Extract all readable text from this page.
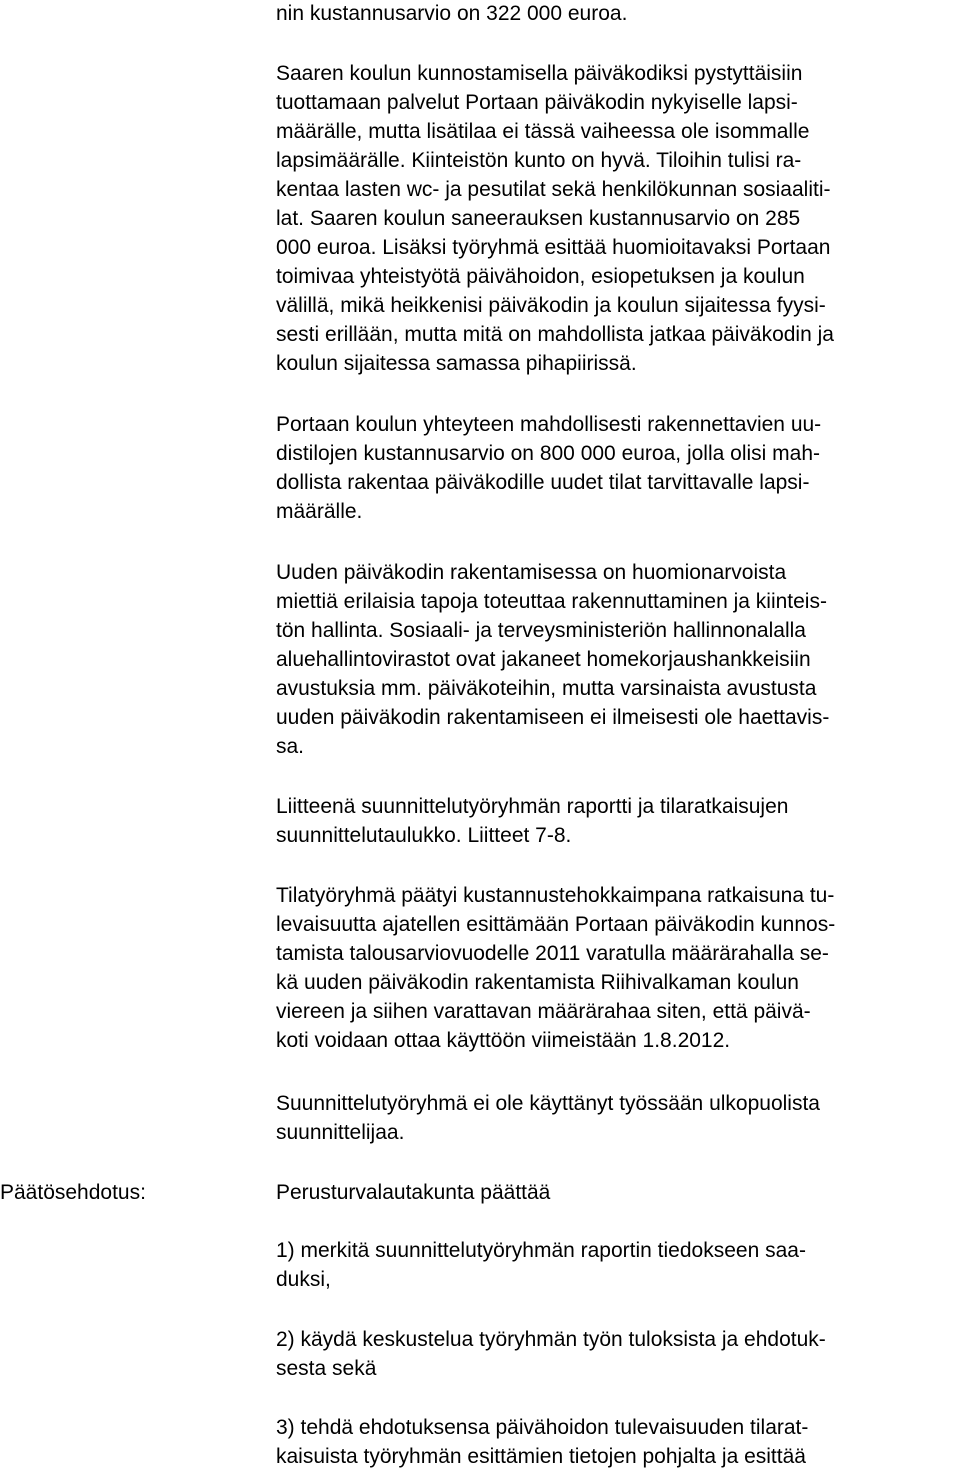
nin kustannusarvio on 322 000 euroa.

Saaren koulun kunnostamisella päiväkodiksi pystyttäisiin

tuottamaan palvelut Portaan päiväkodin nykyiselle lapsi-

määrälle, mutta lisätilaa ei tässä vaiheessa ole isommalle

lapsimäärälle. Kiinteistön kunto on hyvä. Tiloihin tulisi ra-

kentaa lasten wc- ja pesutilat sekä henkilökunnan sosiaaliti-

lat. Saaren koulun saneerauksen kustannusarvio on 285

000 euroa. Lisäksi työryhmä esittää huomioitavaksi Portaan

toimivaa yhteistyötä päivähoidon, esiopetuksen ja koulun

välillä, mikä heikkenisi päiväkodin ja koulun sijaitessa fyysi-

sesti erillään, mutta mitä on mahdollista jatkaa päiväkodin ja

koulun sijaitessa samassa pihapiirissä.

Portaan koulun yhteyteen mahdollisesti rakennettavien uu-

distilojen kustannusarvio on 800 000 euroa, jolla olisi mah-

dollista rakentaa päiväkodille uudet tilat tarvittavalle lapsi-

määrälle.

Uuden päiväkodin rakentamisessa on huomionarvoista

miettiä erilaisia tapoja toteuttaa rakennuttaminen ja kiinteis-

tön hallinta. Sosiaali- ja terveysministeriön hallinnonalalla

aluehallintovirastot ovat jakaneet homekorjaushankkeisiin

avustuksia mm. päiväkoteihin, mutta varsinaista avustusta

uuden päiväkodin rakentamiseen ei ilmeisesti ole haettavis-

sa.

Liitteenä suunnittelutyöryhmän raportti ja tilaratkaisujen

suunnittelutaulukko. Liitteet 7-8.

Tilatyöryhmä päätyi kustannustehokkaimpana ratkaisuna tu-

levaisuutta ajatellen esittämään Portaan päiväkodin kunnos-

tamista talousarviovuodelle 2011 varatulla määrärahalla se-

kä uuden päiväkodin rakentamista Riihivalkaman koulun

viereen ja siihen varattavan määrärahaa siten, että päivä-

koti voidaan ottaa käyttöön viimeistään 1.8.2012.

Suunnittelutyöryhmä ei ole käyttänyt työssään ulkopuolista

suunnittelijaa.

Päätösehdotus:	Perusturvalautakunta päättää

1) merkitä suunnittelutyöryhmän raportin tiedokseen saa-

duksi,

2) käydä keskustelua työryhmän työn tuloksista ja ehdotuk-

sesta sekä

3) tehdä ehdotuksensa päivähoidon tulevaisuuden tilarat-

kaisuista työryhmän esittämien tietojen pohjalta ja esittää
